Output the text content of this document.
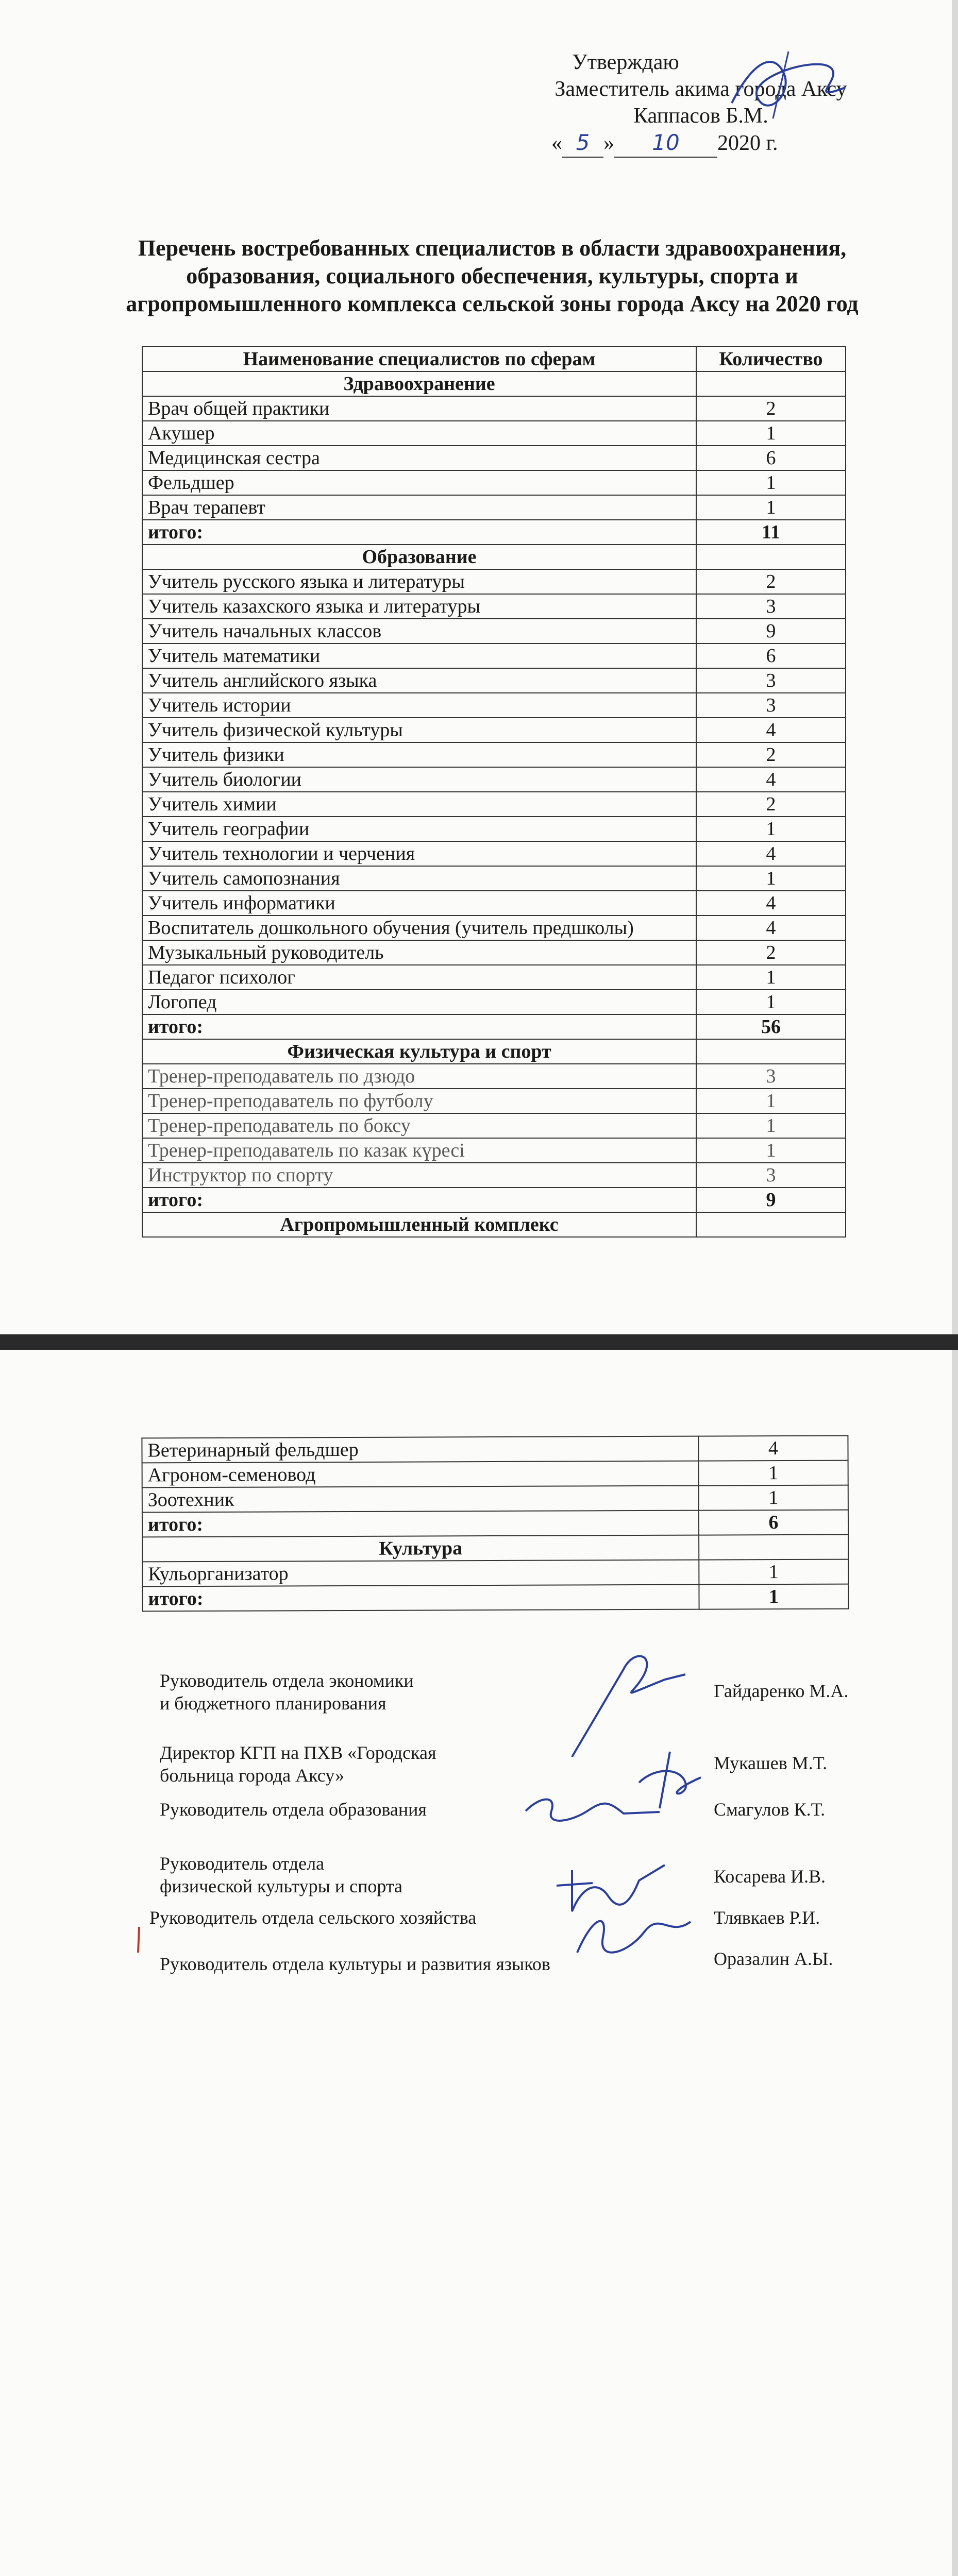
Утверждаю
Заместитель акима города Аксу
Каппасов Б.М.
« 5 » 10 2020 г.
Перечень востребованных специалистов в области здравоохранения,
образования, социального обеспечения, культуры, спорта и
агропромышленного комплекса сельской зоны города Аксу на 2020 год
Наименование специалистов по сферам	Количество
Здравоохранение	
Врач общей практики	2
Акушер	1
Медицинская сестра	6
Фельдшер	1
Врач терапевт	1
итого:	11
Образование	
Учитель русского языка и литературы	2
Учитель казахского языка и литературы	3
Учитель начальных классов	9
Учитель математики	6
Учитель английского языка	3
Учитель истории	3
Учитель физической культуры	4
Учитель физики	2
Учитель биологии	4
Учитель химии	2
Учитель географии	1
Учитель технологии и черчения	4
Учитель самопознания	1
Учитель информатики	4
Воспитатель дошкольного обучения (учитель предшколы)	4
Музыкальный руководитель	2
Педагог психолог	1
Логопед	1
итого:	56
Физическая культура и спорт	
Тренер-преподаватель по дзюдо	3
Тренер-преподаватель по футболу	1
Тренер-преподаватель по боксу	1
Тренер-преподаватель по казак күресі	1
Инструктор по спорту	3
итого:	9
Агропромышленный комплекс	
Ветеринарный фельдшер	4
Агроном-семеновод	1
Зоотехник	1
итого:	6
Культура	
Кульорганизатор	1
итого:	1
Руководитель отдела экономики
и бюджетного планирования
Гайдаренко М.А.
Директор КГП на ПХВ «Городская
больница города Аксу»
Мукашев М.Т.
Руководитель отдела образования	Смагулов К.Т.
Руководитель отдела
физической культуры и спорта	Косарева И.В.
Руководитель отдела сельского хозяйства	Тлявкаев Р.И.
Руководитель отдела культуры и развития языков	Оразалин А.Ы.
